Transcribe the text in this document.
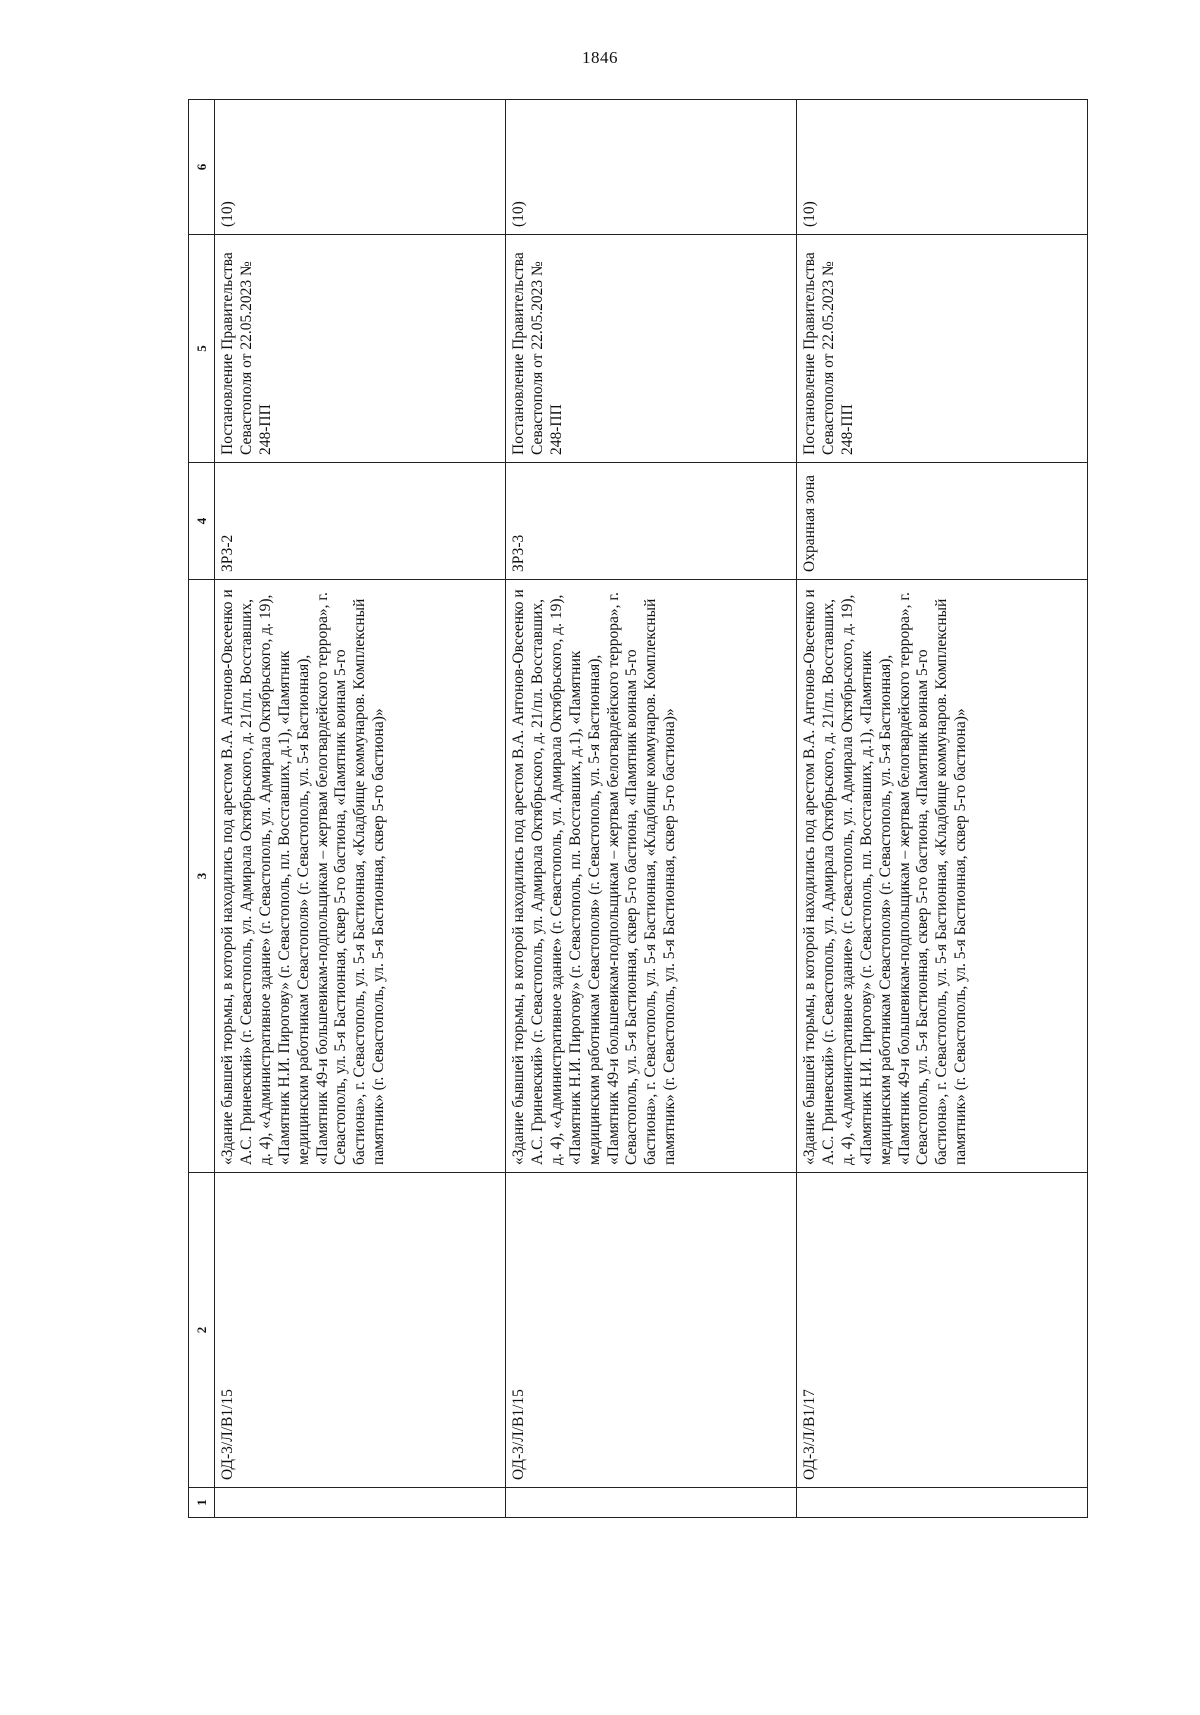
1846
1	2	3	4	5	6
	ОД-3/Л/В1/15	«Здание бывшей тюрьмы, в которой находились под арестом В.А. Антонов-Овсеенко и А.С. Гриневский» (г. Севастополь, ул. Адмирала Октябрьского, д. 21/пл. Восставших, д. 4), «Административное здание» (г. Севастополь, ул. Адмирала Октябрьского, д. 19), «Памятник Н.И. Пирогову» (г. Севастополь, пл. Восставших, д.1), «Памятник медицинским работникам Севастополя» (г. Севастополь, ул. 5-я Бастионная), «Памятник 49-и большевикам-подпольщикам – жертвам белогвардейского террора», г. Севастополь, ул. 5-я Бастионная, сквер 5-го бастиона, «Памятник воинам 5-го бастиона», г. Севастополь, ул. 5-я Бастионная, «Кладбище коммунаров. Комплексный памятник» (г. Севастополь, ул. 5-я Бастионная, сквер 5-го бастиона)»	ЗРЗ-2	Постановление Правительства Севастополя от 22.05.2023 № 248-ПП	(10)
	ОД-3/Л/В1/15	«Здание бывшей тюрьмы, в которой находились под арестом В.А. Антонов-Овсеенко и А.С. Гриневский» (г. Севастополь, ул. Адмирала Октябрьского, д. 21/пл. Восставших, д. 4), «Административное здание» (г. Севастополь, ул. Адмирала Октябрьского, д. 19), «Памятник Н.И. Пирогову» (г. Севастополь, пл. Восставших, д.1), «Памятник медицинским работникам Севастополя» (г. Севастополь, ул. 5-я Бастионная), «Памятник 49-и большевикам-подпольщикам – жертвам белогвардейского террора», г. Севастополь, ул. 5-я Бастионная, сквер 5-го бастиона, «Памятник воинам 5-го бастиона», г. Севастополь, ул. 5-я Бастионная, «Кладбище коммунаров. Комплексный памятник» (г. Севастополь, ул. 5-я Бастионная, сквер 5-го бастиона)»	ЗРЗ-3	Постановление Правительства Севастополя от 22.05.2023 № 248-ПП	(10)
	ОД-3/Л/В1/17	«Здание бывшей тюрьмы, в которой находились под арестом В.А. Антонов-Овсеенко и А.С. Гриневский» (г. Севастополь, ул. Адмирала Октябрьского, д. 21/пл. Восставших, д. 4), «Административное здание» (г. Севастополь, ул. Адмирала Октябрьского, д. 19), «Памятник Н.И. Пирогову» (г. Севастополь, пл. Восставших, д.1), «Памятник медицинским работникам Севастополя» (г. Севастополь, ул. 5-я Бастионная), «Памятник 49-и большевикам-подпольщикам – жертвам белогвардейского террора», г. Севастополь, ул. 5-я Бастионная, сквер 5-го бастиона, «Памятник воинам 5-го бастиона», г. Севастополь, ул. 5-я Бастионная, «Кладбище коммунаров. Комплексный памятник» (г. Севастополь, ул. 5-я Бастионная, сквер 5-го бастиона)»	Охранная зона	Постановление Правительства Севастополя от 22.05.2023 № 248-ПП	(10)
